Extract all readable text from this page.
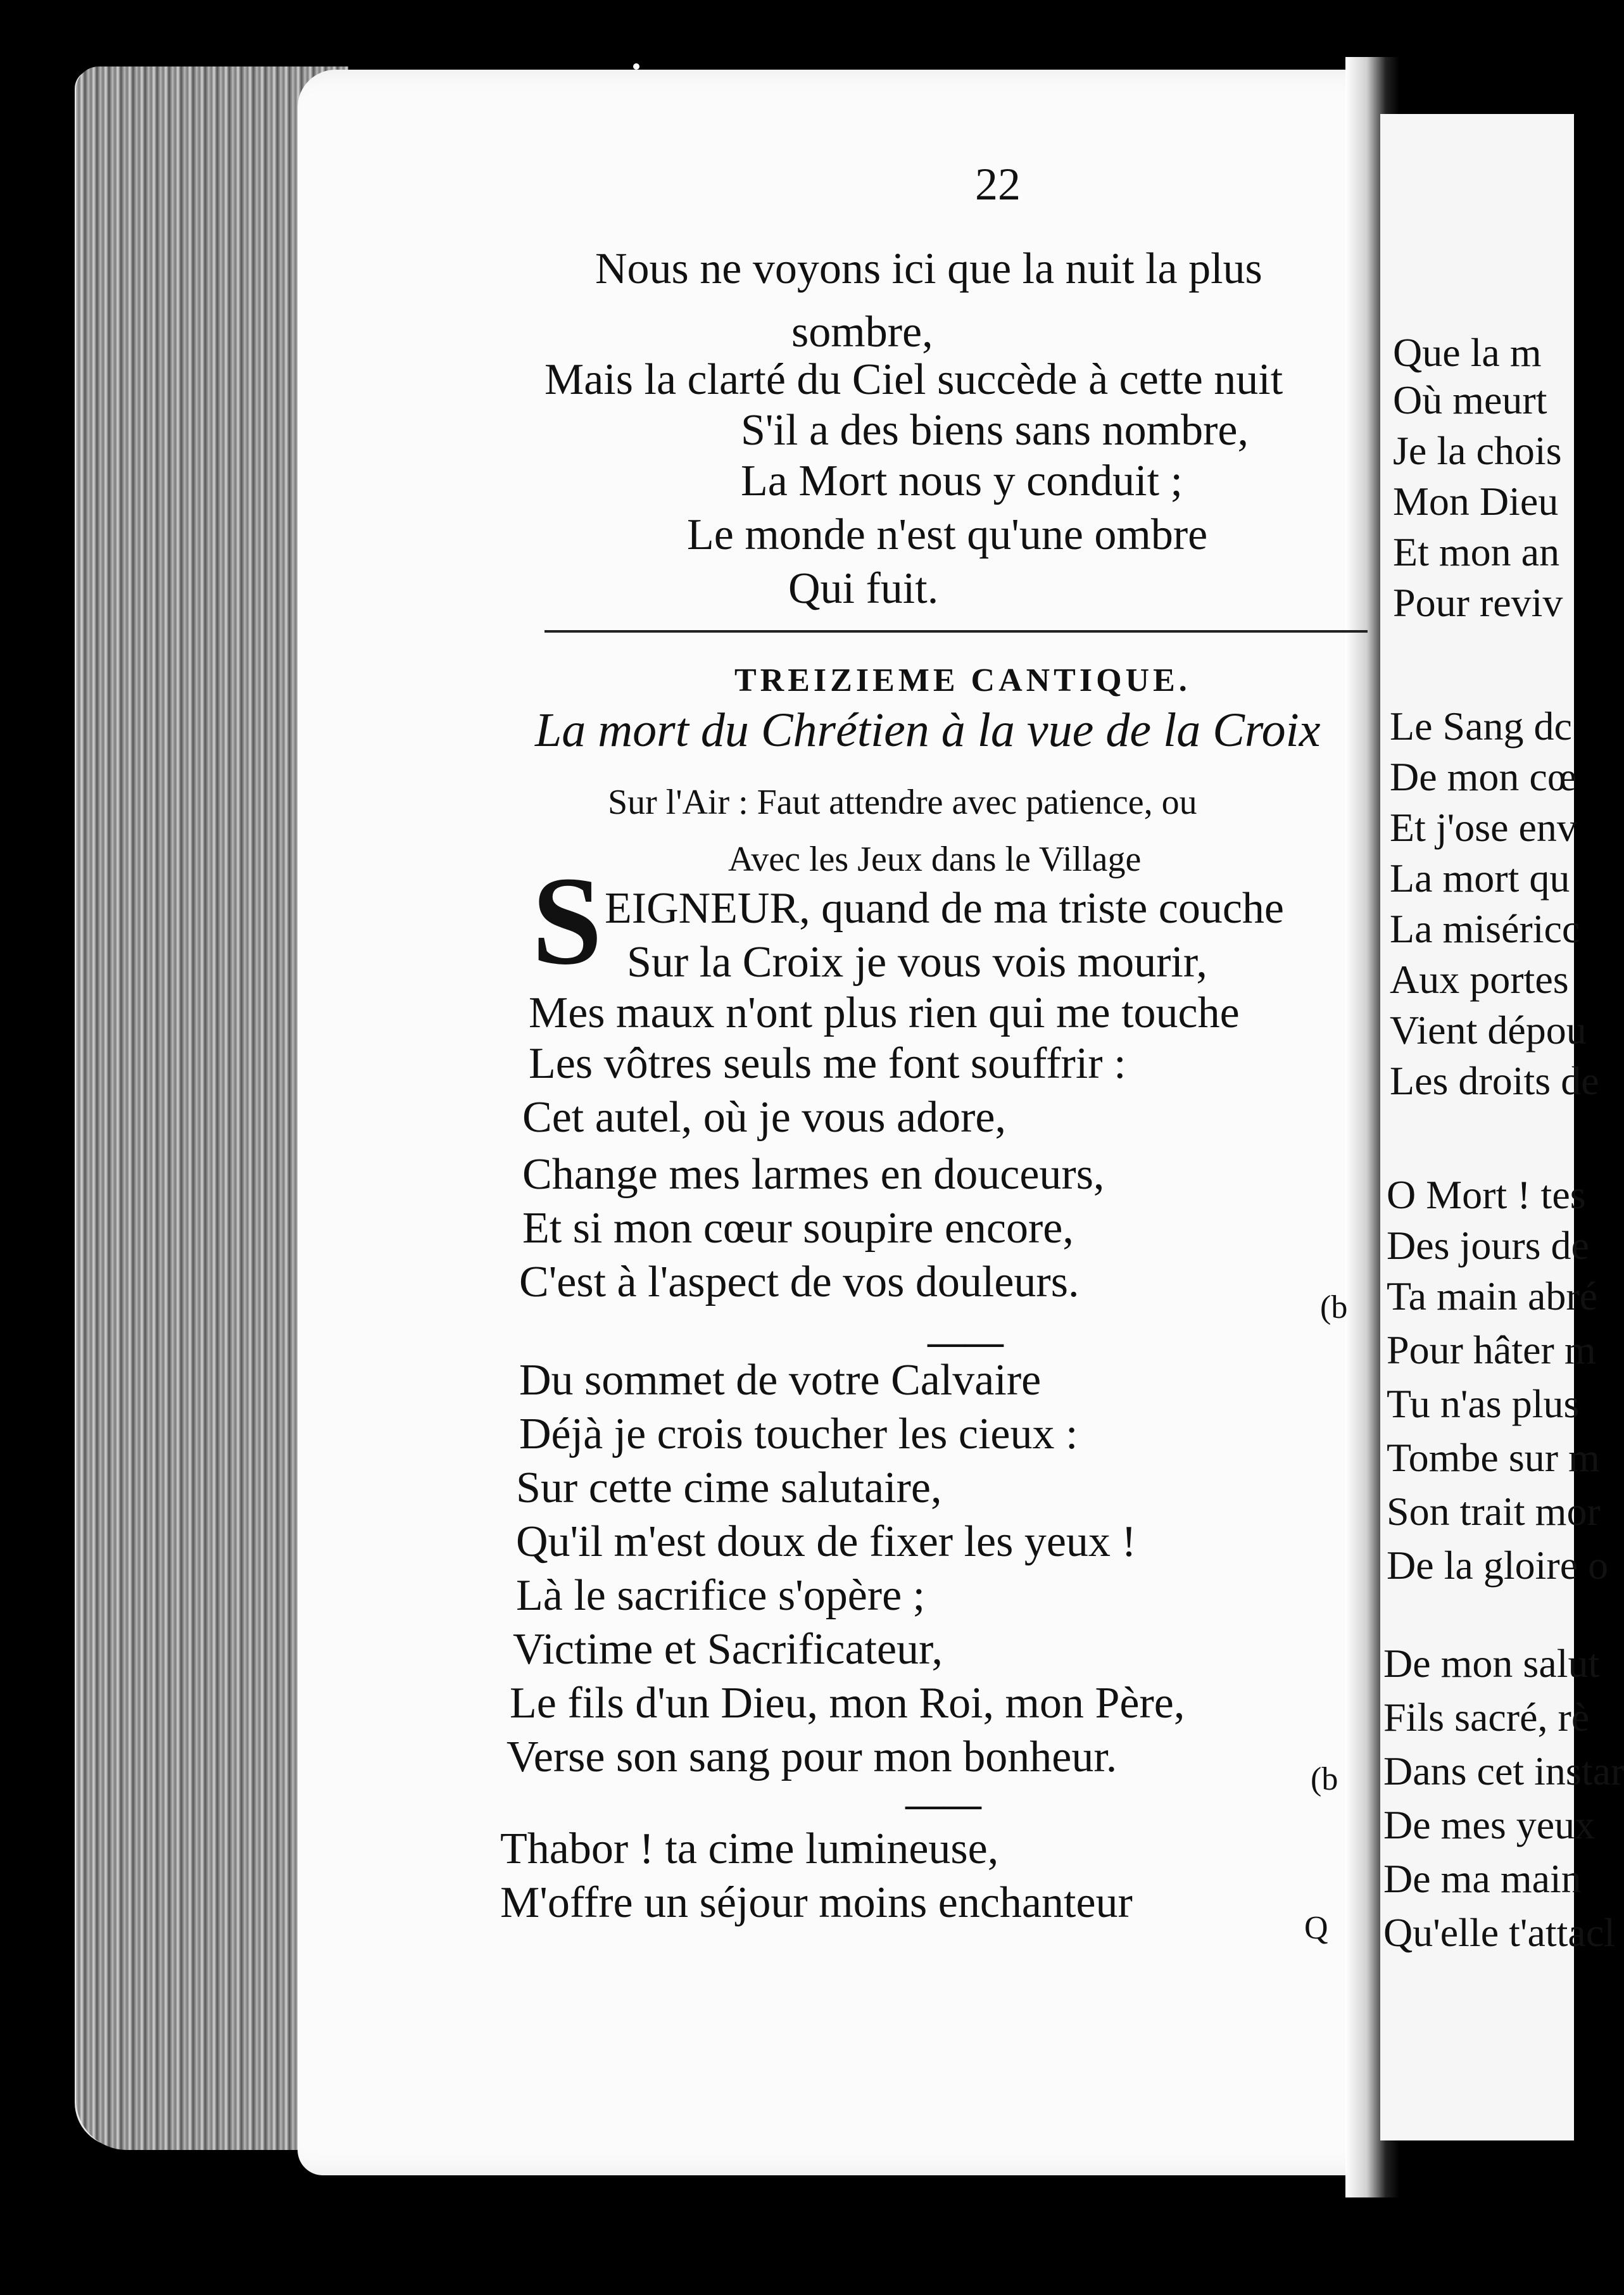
22
Nous ne voyons ici que la nuit la plus
sombre,
Mais la clarté du Ciel succède à cette nuit
S'il a des biens sans nombre,
La Mort nous y conduit ;
Le monde n'est qu'une ombre
Qui fuit.
TREIZIEME CANTIQUE.
La mort du Chrétien à la vue de la Croix
Sur l'Air : Faut attendre avec patience, ou
Avec les Jeux dans le Village
S EIGNEUR, quand de ma triste couche
Sur la Croix je vous vois mourir,
Mes maux n'ont plus rien qui me touche
Les vôtres seuls me font souffrir :
Cet autel, où je vous adore,
Change mes larmes en douceurs,
Et si mon cœur soupire encore,
C'est à l'aspect de vos douleurs.
(b
——
Du sommet de votre Calvaire
Déjà je crois toucher les cieux :
Sur cette cime salutaire,
Qu'il m'est doux de fixer les yeux !
Là le sacrifice s'opère ;
Victime et Sacrificateur,
Le fils d'un Dieu, mon Roi, mon Père,
Verse son sang pour mon bonheur.	(b
——
Thabor ! ta cime lumineuse,
M'offre un séjour moins enchanteur
Q
Que la m
Où meurt
Je la chois
Mon Dieu
Et mon an
Pour reviv
Le Sang dc
De mon cœ
Et j'ose env
La mort qu
La miséricc
Aux portes
Vient dépou
Les droits de
O Mort ! tes
Des jours de
Ta main abré
Pour hâter m
Tu n'as plus
Tombe sur m
Son trait mor
De la gloire o
De mon salut
Fils sacré, rè
Dans cet instar
De mes yeux
De ma main
Qu'elle t'attacl
